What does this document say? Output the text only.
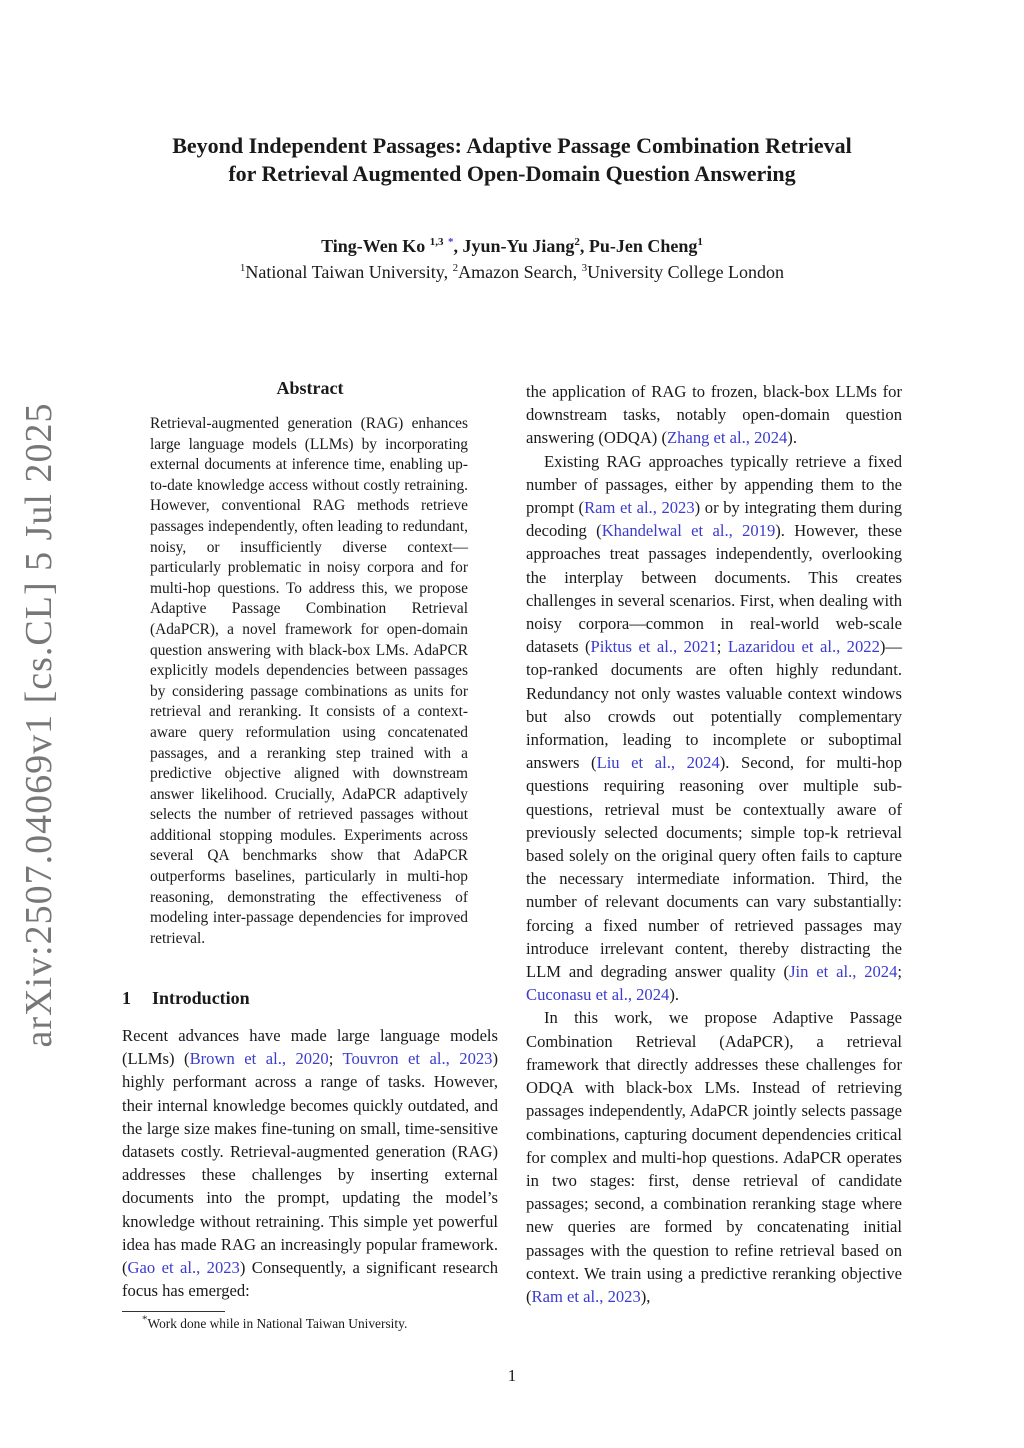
Beyond Independent Passages: Adaptive Passage Combination Retrieval
for Retrieval Augmented Open-Domain Question Answering
Ting-Wen Ko $^{1,3}$ *, Jyun-Yu Jiang$^2$, Pu-Jen Cheng$^1$
$^1$National Taiwan University, $^2$Amazon Search, $^3$University College London
arXiv:2507.04069v1 [cs.CL] 5 Jul 2025
Abstract
Retrieval-augmented generation (RAG) enhances large language models (LLMs) by incorporating external documents at inference time, enabling up-to-date knowledge access without costly retraining. However, conventional RAG methods retrieve passages independently, often leading to redundant, noisy, or insufficiently diverse context—particularly problematic in noisy corpora and for multi-hop questions. To address this, we propose Adaptive Passage Combination Retrieval (AdaPCR), a novel framework for open-domain question answering with black-box LMs. AdaPCR explicitly models dependencies between passages by considering passage combinations as units for retrieval and reranking. It consists of a context-aware query reformulation using concatenated passages, and a reranking step trained with a predictive objective aligned with downstream answer likelihood. Crucially, AdaPCR adaptively selects the number of retrieved passages without additional stopping modules. Experiments across several QA benchmarks show that AdaPCR outperforms baselines, particularly in multi-hop reasoning, demonstrating the effectiveness of modeling inter-passage dependencies for improved retrieval.
1 Introduction
Recent advances have made large language models (LLMs) (Brown et al., 2020; Touvron et al., 2023) highly performant across a range of tasks. However, their internal knowledge becomes quickly outdated, and the large size makes fine-tuning on small, time-sensitive datasets costly. Retrieval-augmented generation (RAG) addresses these challenges by inserting external documents into the prompt, updating the model’s knowledge without retraining. This simple yet powerful idea has made RAG an increasingly popular framework. (Gao et al., 2023) Consequently, a significant research focus has emerged:

the application of RAG to frozen, black-box LLMs for downstream tasks, notably open-domain question answering (ODQA) (Zhang et al., 2024).

Existing RAG approaches typically retrieve a fixed number of passages, either by appending them to the prompt (Ram et al., 2023) or by integrating them during decoding (Khandelwal et al., 2019). However, these approaches treat passages independently, overlooking the interplay between documents. This creates challenges in several scenarios. First, when dealing with noisy corpora—common in real-world web-scale datasets (Piktus et al., 2021; Lazaridou et al., 2022)—top-ranked documents are often highly redundant. Redundancy not only wastes valuable context windows but also crowds out potentially complementary information, leading to incomplete or suboptimal answers (Liu et al., 2024). Second, for multi-hop questions requiring reasoning over multiple sub-questions, retrieval must be contextually aware of previously selected documents; simple top-k retrieval based solely on the original query often fails to capture the necessary intermediate information. Third, the number of relevant documents can vary substantially: forcing a fixed number of retrieved passages may introduce irrelevant content, thereby distracting the LLM and degrading answer quality (Jin et al., 2024; Cuconasu et al., 2024).

In this work, we propose Adaptive Passage Combination Retrieval (AdaPCR), a retrieval framework that directly addresses these challenges for ODQA with black-box LMs. Instead of retrieving passages independently, AdaPCR jointly selects passage combinations, capturing document dependencies critical for complex and multi-hop questions. AdaPCR operates in two stages: first, dense retrieval of candidate passages; second, a combination reranking stage where new queries are formed by concatenating initial passages with the question to refine retrieval based on context. We train using a predictive reranking objective (Ram et al., 2023),

*Work done while in National Taiwan University.
1
